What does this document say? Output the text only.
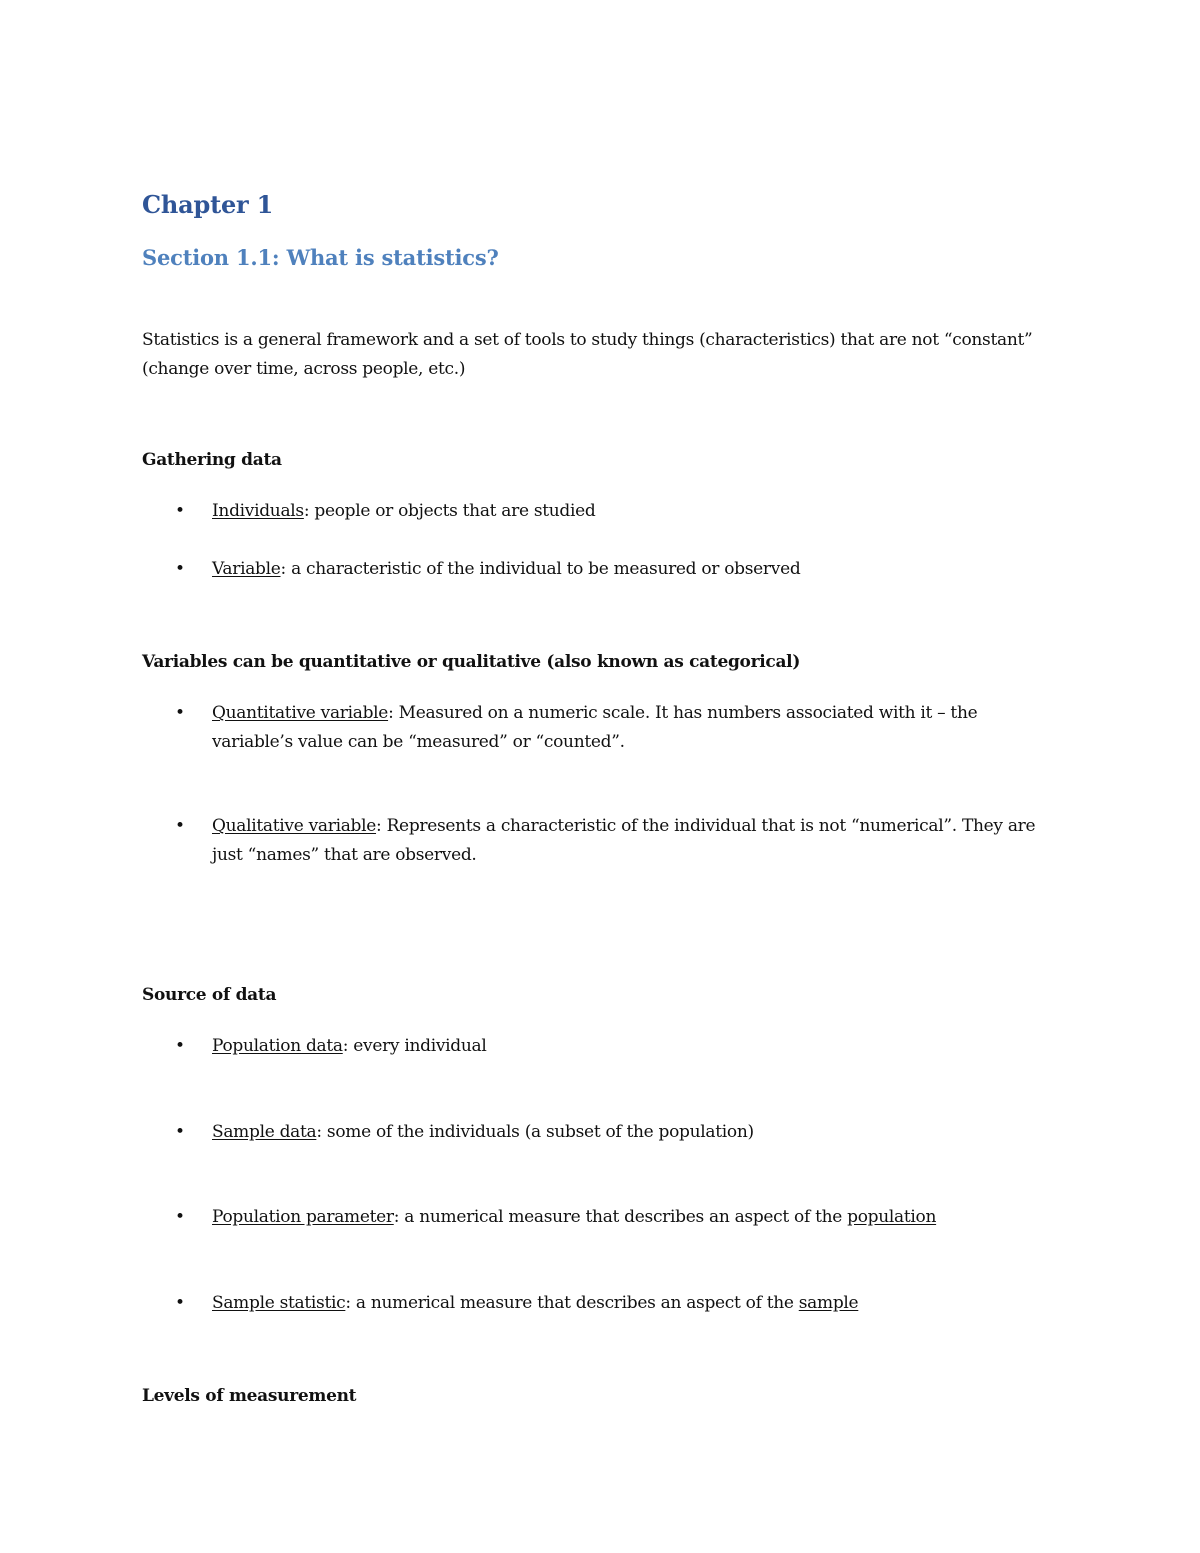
Chapter 1
Section 1.1: What is statistics?

Statistics is a general framework and a set of tools to study things (characteristics) that are not “constant” (change over time, across people, etc.)

Gathering data

•	Individuals: people or objects that are studied
•	Variable: a characteristic of the individual to be measured or observed

Variables can be quantitative or qualitative (also known as categorical)

•	Quantitative variable: Measured on a numeric scale. It has numbers associated with it – the variable’s value can be “measured” or “counted”.
•	Qualitative variable: Represents a characteristic of the individual that is not “numerical”. They are just “names” that are observed.

Source of data

•	Population data: every individual
•	Sample data: some of the individuals (a subset of the population)
•	Population parameter: a numerical measure that describes an aspect of the population
•	Sample statistic: a numerical measure that describes an aspect of the sample

Levels of measurement
